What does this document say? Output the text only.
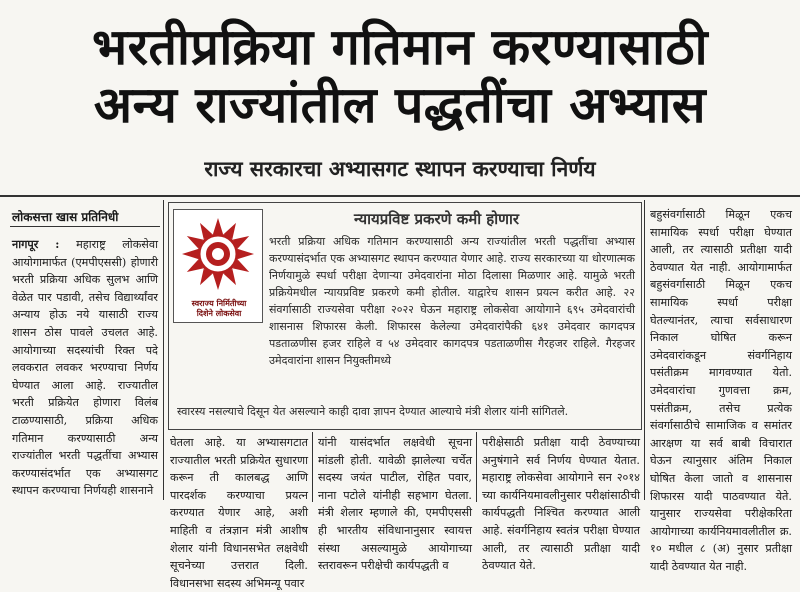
भरतीप्रक्रिया गतिमान करण्यासाठी
अन्य राज्यांतील पद्धतींचा अभ्यास
राज्य सरकारचा अभ्यासगट स्थापन करण्याचा निर्णय
लोकसत्ता खास प्रतिनिधी

नागपूर : महाराष्ट्र लोकसेवा आयोगामार्फत (एमपीएससी) होणारी भरती प्रक्रिया अधिक सुलभ आणि वेळेत पार पडावी, तसेच विद्यार्थ्यांवर अन्याय होऊ नये यासाठी राज्य शासन ठोस पावले उचलत आहे. आयोगाच्या सदस्यांची रिक्त पदे लवकरात लवकर भरण्याचा निर्णय घेण्यात आला आहे. राज्यातील भरती प्रक्रियेत होणारा विलंब टाळण्यासाठी, प्रक्रिया अधिक गतिमान करण्यासाठी अन्य राज्यांतील भरती पद्धतींचा अभ्यास करण्यासंदर्भात एक अभ्यासगट स्थापन करण्याचा निर्णयही शासनाने

स्वराज्य निर्मितीच्या दिशेने लोकसेवा
न्यायप्रविष्ट प्रकरणे कमी होणार
भरती प्रक्रिया अधिक गतिमान करण्यासाठी अन्य राज्यांतील भरती पद्धतींचा अभ्यास करण्यासंदर्भात एक अभ्यासगट स्थापन करण्यात येणार आहे. राज्य सरकारच्या या धोरणात्मक निर्णयामुळे स्पर्धा परीक्षा देणाऱ्या उमेदवारांना मोठा दिलासा मिळणार आहे. यामुळे भरती प्रक्रियेमधील न्यायप्रविष्ट प्रकरणे कमी होतील. याद्वारेच शासन प्रयत्न करीत आहे. २२ संवर्गासाठी राज्यसेवा परीक्षा २०२२ घेऊन महाराष्ट्र लोकसेवा आयोगाने ६९५ उमेदवारांची शासनास शिफारस केली. शिफारस केलेल्या उमेदवारांपैकी ६४१ उमेदवार कागदपत्र पडताळणीस हजर राहिले व ५४ उमेदवार कागदपत्र पडताळणीस गैरहजर राहिले. गैरहजर उमेदवारांना शासन नियुक्तीमध्ये
स्वारस्य नसल्याचे दिसून येत असल्याने काही दावा ज्ञापन देण्यात आल्याचे मंत्री शेलार यांनी सांगितले.
घेतला आहे. या अभ्यासगटात राज्यातील भरती प्रक्रियेत सुधारणा करून ती कालबद्ध आणि पारदर्शक करण्याचा प्रयत्न करण्यात येणार आहे, अशी माहिती व तंत्रज्ञान मंत्री आशीष शेलार यांनी विधानसभेत लक्षवेधी सूचनेच्या उत्तरात दिली. विधानसभा सदस्य अभिमन्यू पवार
यांनी यासंदर्भात लक्षवेधी सूचना मांडली होती. यावेळी झालेल्या चर्चेत सदस्य जयंत पाटील, रोहित पवार, नाना पटोले यांनीही सहभाग घेतला. मंत्री शेलार म्हणाले की, एमपीएससी ही भारतीय संविधानानुसार स्वायत्त संस्था असल्यामुळे आयोगाच्या स्तरावरून परीक्षेची कार्यपद्धती व
परीक्षेसाठी प्रतीक्षा यादी ठेवण्याच्या अनुषंगाने सर्व निर्णय घेण्यात येतात. महाराष्ट्र लोकसेवा आयोगाने सन २०१४ च्या कार्यनियमावलीनुसार परीक्षांसाठीची कार्यपद्धती निश्चित करण्यात आली आहे. संवर्गनिहाय स्वतंत्र परीक्षा घेण्यात आली, तर त्यासाठी प्रतीक्षा यादी ठेवण्यात येते.
बहुसंवर्गासाठी मिळून एकच सामायिक स्पर्धा परीक्षा घेण्यात आली, तर त्यासाठी प्रतीक्षा यादी ठेवण्यात येत नाही. आयोगामार्फत बहुसंवर्गासाठी मिळून एकच सामायिक स्पर्धा परीक्षा घेतल्यानंतर, त्याचा सर्वसाधारण निकाल घोषित करून उमेदवारांकडून संवर्गनिहाय पसंतीक्रम मागवण्यात येतो. उमेदवारांचा गुणवत्ता क्रम, पसंतीक्रम, तसेच प्रत्येक संवर्गासाठीचे सामाजिक व समांतर आरक्षण या सर्व बाबी विचारात घेऊन त्यानुसार अंतिम निकाल घोषित केला जातो व शासनास शिफारस यादी पाठवण्यात येते. यानुसार राज्यसेवा परीक्षेकरिता आयोगाच्या कार्यनियमावलीतील क्र. १० मधील ८ (अ) नुसार प्रतीक्षा यादी ठेवण्यात येत नाही.
